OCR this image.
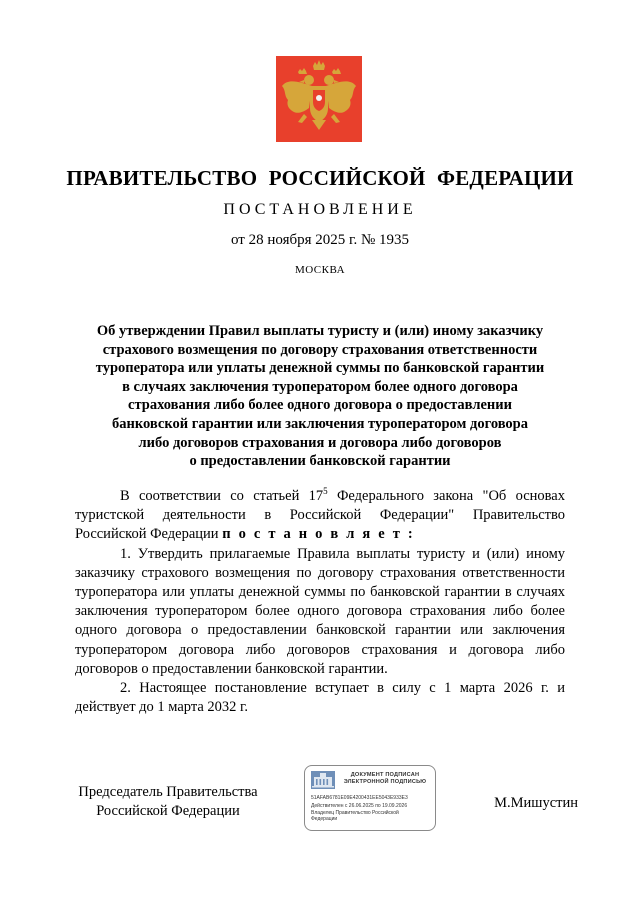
ПРАВИТЕЛЬСТВО РОССИЙСКОЙ ФЕДЕРАЦИИ
ПОСТАНОВЛЕНИЕ
от 28 ноября 2025 г. № 1935
МОСКВА
Об утверждении Правил выплаты туристу и (или) иному заказчику
страхового возмещения по договору страхования ответственности
туроператора или уплаты денежной суммы по банковской гарантии
в случаях заключения туроператором более одного договора
страхования либо более одного договора о предоставлении
банковской гарантии или заключения туроператором договора
либо договоров страхования и договора либо договоров
о предоставлении банковской гарантии

В соответствии со статьей $17^5$ Федерального закона "Об основах туристской деятельности в Российской Федерации" Правительство Российской Федерации п о с т а н о в л я е т :

1. Утвердить прилагаемые Правила выплаты туристу и (или) иному заказчику страхового возмещения по договору страхования ответственности туроператора или уплаты денежной суммы по банковской гарантии в случаях заключения туроператором более одного договора страхования либо более одного договора о предоставлении банковской гарантии или заключения туроператором договора либо договоров страхования и договора либо договоров о предоставлении банковской гарантии.

2. Настоящее постановление вступает в силу с 1 марта 2026 г. и действует до 1 марта 2032 г.

Председатель Правительства
Российской Федерации
ДОКУМЕНТ ПОДПИСАН
ЭЛЕКТРОННОЙ ПОДПИСЬЮ
51AFAB6781E09E4200431EE5043E933E3
Действителен с 26.06.2025 по 19.09.2026
Владелец Правительство Российской
Федерации
М.Мишустин
